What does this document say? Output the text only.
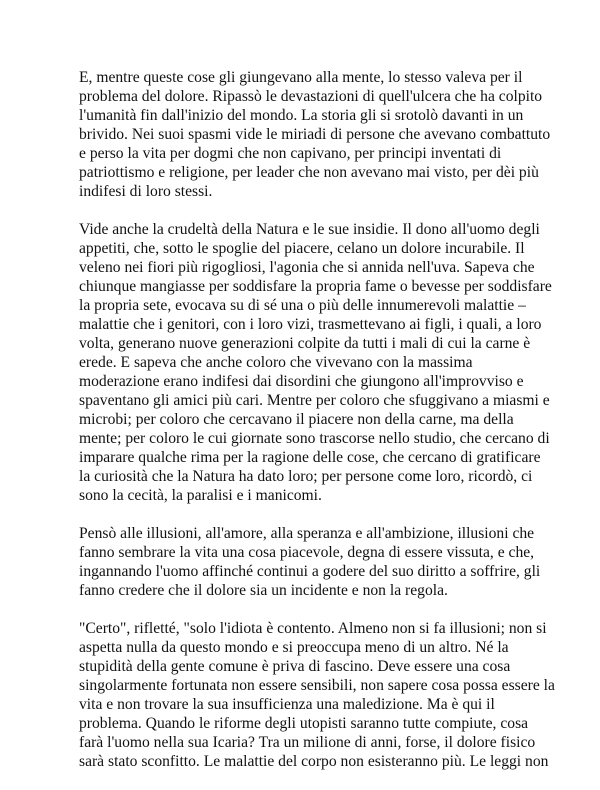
E, mentre queste cose gli giungevano alla mente, lo stesso valeva per il
problema del dolore. Ripassò le devastazioni di quell'ulcera che ha colpito
l'umanità fin dall'inizio del mondo. La storia gli si srotolò davanti in un
brivido. Nei suoi spasmi vide le miriadi di persone che avevano combattuto
e perso la vita per dogmi che non capivano, per principi inventati di
patriottismo e religione, per leader che non avevano mai visto, per dèi più
indifesi di loro stessi.

Vide anche la crudeltà della Natura e le sue insidie. Il dono all'uomo degli
appetiti, che, sotto le spoglie del piacere, celano un dolore incurabile. Il
veleno nei fiori più rigogliosi, l'agonia che si annida nell'uva. Sapeva che
chiunque mangiasse per soddisfare la propria fame o bevesse per soddisfare
la propria sete, evocava su di sé una o più delle innumerevoli malattie –
malattie che i genitori, con i loro vizi, trasmettevano ai figli, i quali, a loro
volta, generano nuove generazioni colpite da tutti i mali di cui la carne è
erede. E sapeva che anche coloro che vivevano con la massima
moderazione erano indifesi dai disordini che giungono all'improvviso e
spaventano gli amici più cari. Mentre per coloro che sfuggivano a miasmi e
microbi; per coloro che cercavano il piacere non della carne, ma della
mente; per coloro le cui giornate sono trascorse nello studio, che cercano di
imparare qualche rima per la ragione delle cose, che cercano di gratificare
la curiosità che la Natura ha dato loro; per persone come loro, ricordò, ci
sono la cecità, la paralisi e i manicomi.

Pensò alle illusioni, all'amore, alla speranza e all'ambizione, illusioni che
fanno sembrare la vita una cosa piacevole, degna di essere vissuta, e che,
ingannando l'uomo affinché continui a godere del suo diritto a soffrire, gli
fanno credere che il dolore sia un incidente e non la regola.

"Certo", rifletté, "solo l'idiota è contento. Almeno non si fa illusioni; non si
aspetta nulla da questo mondo e si preoccupa meno di un altro. Né la
stupidità della gente comune è priva di fascino. Deve essere una cosa
singolarmente fortunata non essere sensibili, non sapere cosa possa essere la
vita e non trovare la sua insufficienza una maledizione. Ma è qui il
problema. Quando le riforme degli utopisti saranno tutte compiute, cosa
farà l'uomo nella sua Icaria? Tra un milione di anni, forse, il dolore fisico
sarà stato sconfitto. Le malattie del corpo non esisteranno più. Le leggi non
